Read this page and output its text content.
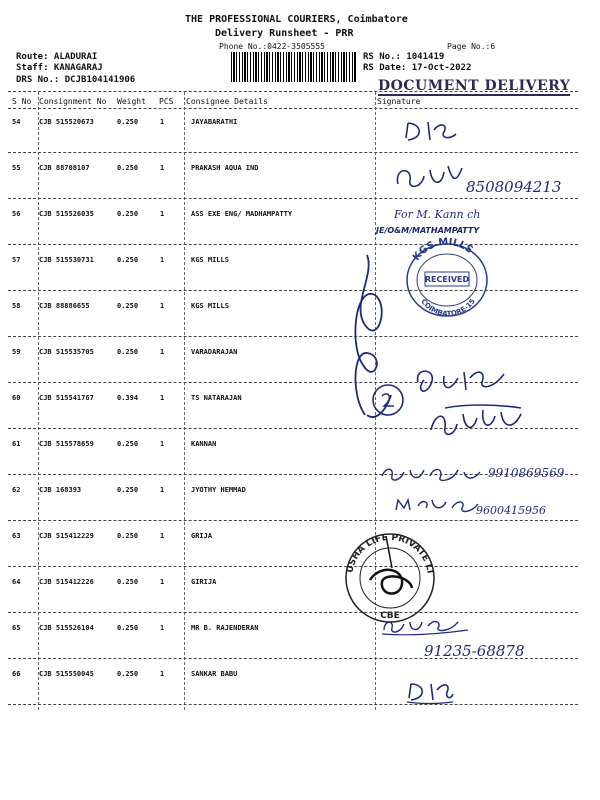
THE PROFESSIONAL COURIERS, Coimbatore
Delivery Runsheet - PRR
Phone No.:0422-3505555	Page No.:6
Route: ALADURAI
Staff: KANAGARAJ
DRS No.: DCJB104141906
RS No.: 1041419
RS Date: 17-Oct-2022
DOCUMENT DELIVERY
S No Consignment No Weight PCS Consignee Details	Signature
54	CJB 515520673	0.250	1	JAYABARATHI
55	CJB 88708107	0.250	1	PRAKASH AQUA IND
56	CJB 515526035	0.250	1	ASS EXE ENG/ MADHAMPATTY
57	CJB 515530731	0.250	1	KGS MILLS
58	CJB 88886655	0.250	1	KGS MILLS
59	CJB 515535705	0.250	1	VARADARAJAN
60	CJB 515541767	0.394	1	TS NATARAJAN
61	CJB 515578659	0.250	1	KANNAN
62	CJB 168393	0.250	1	JYOTHY HEMMAD
63	CJB 515412229	0.250	1	GRIJA
64	CJB 515412226	0.250	1	GIRIJA
65	CJB 515526104	0.250	1	MR B. RAJENDERAN
66	CJB 515550045	0.250	1	SANKAR BABU
8508094213
For M. Kann ch
JE/O&M/MATHAMPATTY
KGS MILLS
COIMBATORE-15
RECEIVED
9910869569
9600415956
USHA LIFE PRIVATE LIMITED
CBE
91235-68878
